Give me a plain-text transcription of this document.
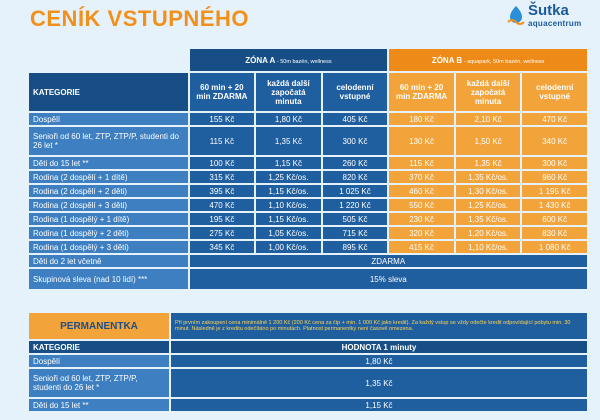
CENÍK VSTUPNÉHO	Šutka
aquacentrum
	ZÓNA A - 50m bazén, wellness			ZÓNA B - aquapark, 50m bazén, wellness		
KATEGORIE	60 min + 20 min ZDARMA	každá další započatá minuta	celodenní vstupné	60 min + 20 min ZDARMA	každá další započatá minuta	celodenní vstupné
Dospělí	155 Kč	1,80 Kč	405 Kč	180 Kč	2,10 Kč	470 Kč
Senioři od 60 let, ZTP, ZTP/P, studenti do 26 let *	115 Kč	1,35 Kč	300 Kč	130 Kč	1,50 Kč	340 Kč
Děti do 15 let **	100 Kč	1,15 Kč	260 Kč	115 Kč	1,35 Kč	300 Kč
Rodina (2 dospělí + 1 dítě)	315 Kč	1,25 Kč/os.	820 Kč	370 Kč	1,35 Kč/os.	960 Kč
Rodina (2 dospělí + 2 děti)	395 Kč	1,15 Kč/os.	1 025 Kč	460 Kč	1,30 Kč/os.	1 195 Kč
Rodina (2 dospělí + 3 děti)	470 Kč	1,10 Kč/os.	1 220 Kč	550 Kč	1,25 Kč/os.	1 430 Kč
Rodina (1 dospělý + 1 dítě)	195 Kč	1,15 Kč/os.	505 Kč	230 Kč	1,35 Kč/os.	600 Kč
Rodina (1 dospělý + 2 děti)	275 Kč	1,05 Kč/os.	715 Kč	320 Kč	1,20 Kč/os.	830 Kč
Rodina (1 dospělý + 3 děti)	345 Kč	1,00 Kč/os.	895 Kč	415 Kč	1,10 Kč/os.	1 080 Kč
Děti do 2 let včetně	ZDARMA					
Skupinová sleva (nad 10 lidí) ***	15% sleva					
PERMANENTKA	Při prvním zakoupení cena minimálně 1 200 Kč (200 Kč cena za čip + min. 1 000 Kč jako kredit). Za každý vstup se vždy odečte kredit odpovídající pobytu min. 30 minut. Následně je z kreditu odečítáno po minutách. Platnost permanentky není časově omezena.
KATEGORIE	HODNOTA 1 minuty
Dospělí	1,80 Kč
Senioři od 60 let, ZTP, ZTP/P, studenti do 26 let *	1,35 Kč
Děti do 15 let **	1,15 Kč
